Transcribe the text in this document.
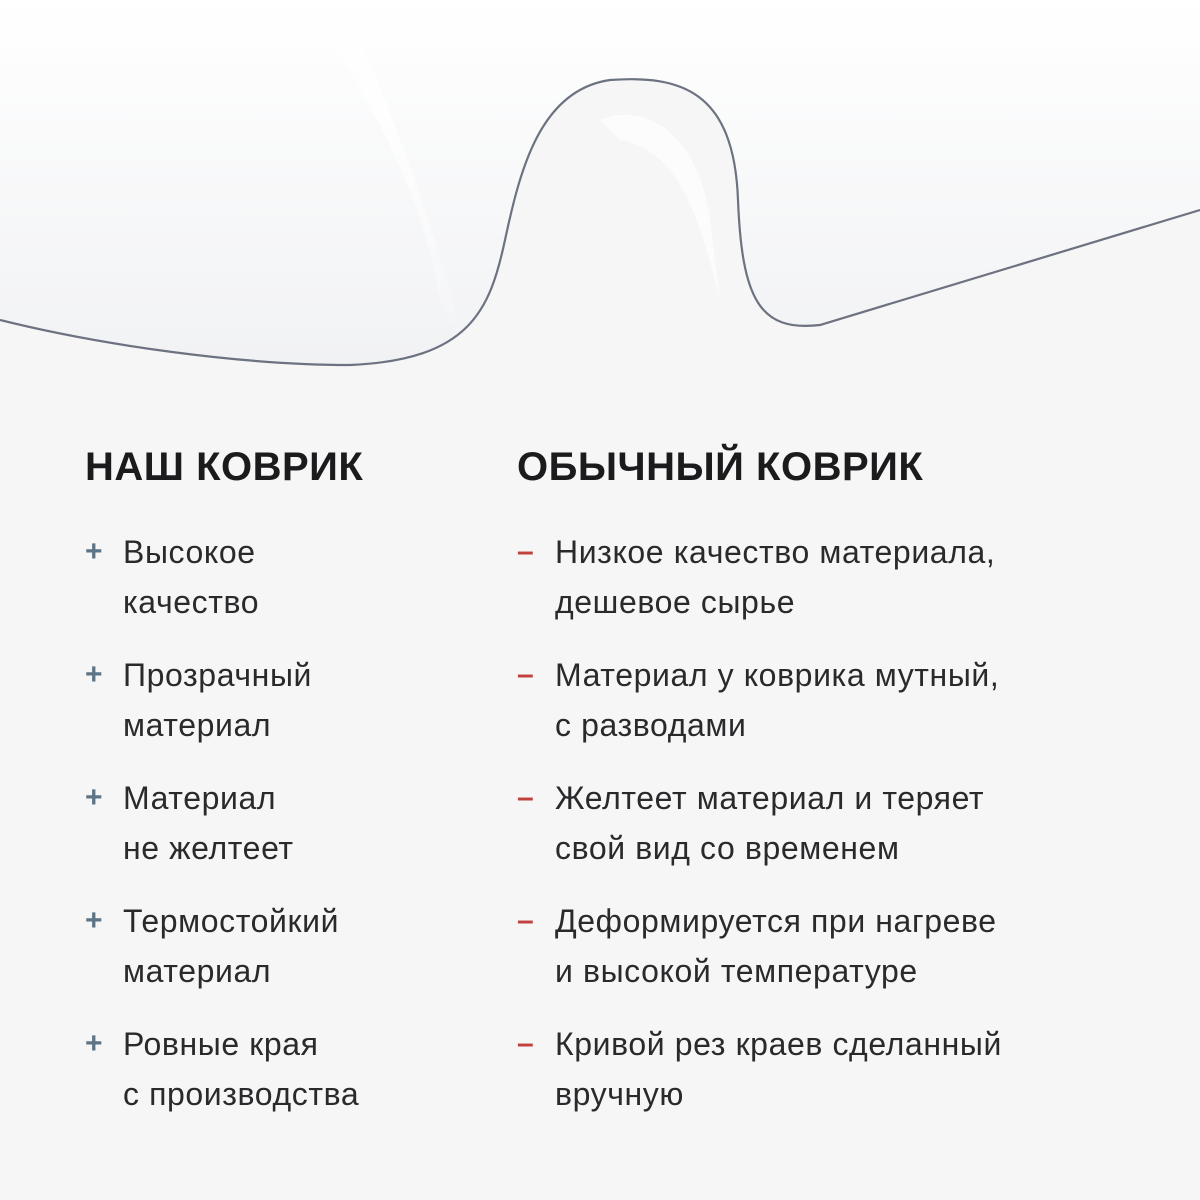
НАШ КОВРИК
+ Высокое
качество
+ Прозрачный
материал
+ Материал
не желтеет
+ Термостойкий
материал
+ Ровные края
с производства
ОБЫЧНЫЙ КОВРИК
– Низкое качество материала,
дешевое сырье
– Материал у коврика мутный,
с разводами
– Желтеет материал и теряет
свой вид со временем
– Деформируется при нагреве
и высокой температуре
– Кривой рез краев сделанный
вручную
